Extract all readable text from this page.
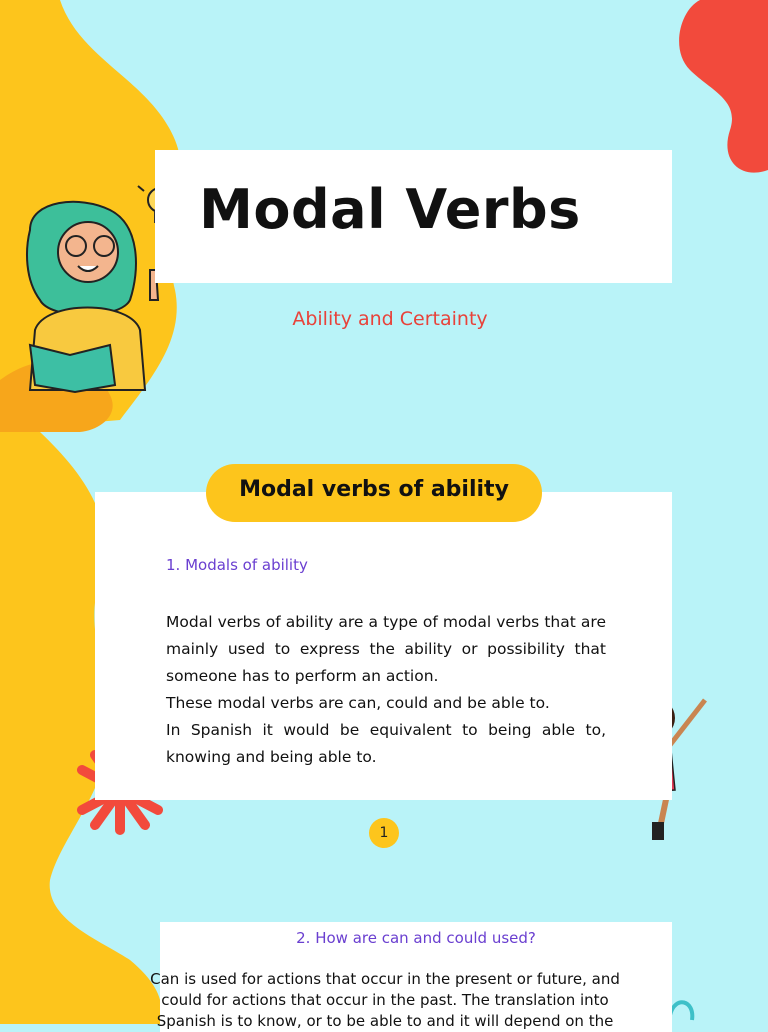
Modal Verbs
Ability and Certainty
Modal verbs of ability
1. Modals of ability

Modal verbs of ability are a type of modal verbs that are mainly used to express the ability or possibility that someone has to perform an action.

These modal verbs are can, could and be able to.

In Spanish it would be equivalent to being able to, knowing and being able to.

1
2. How are can and could used?
Can is used for actions that occur in the present or future, and could for actions that occur in the past. The translation into Spanish is to know, or to be able to and it will depend on the
